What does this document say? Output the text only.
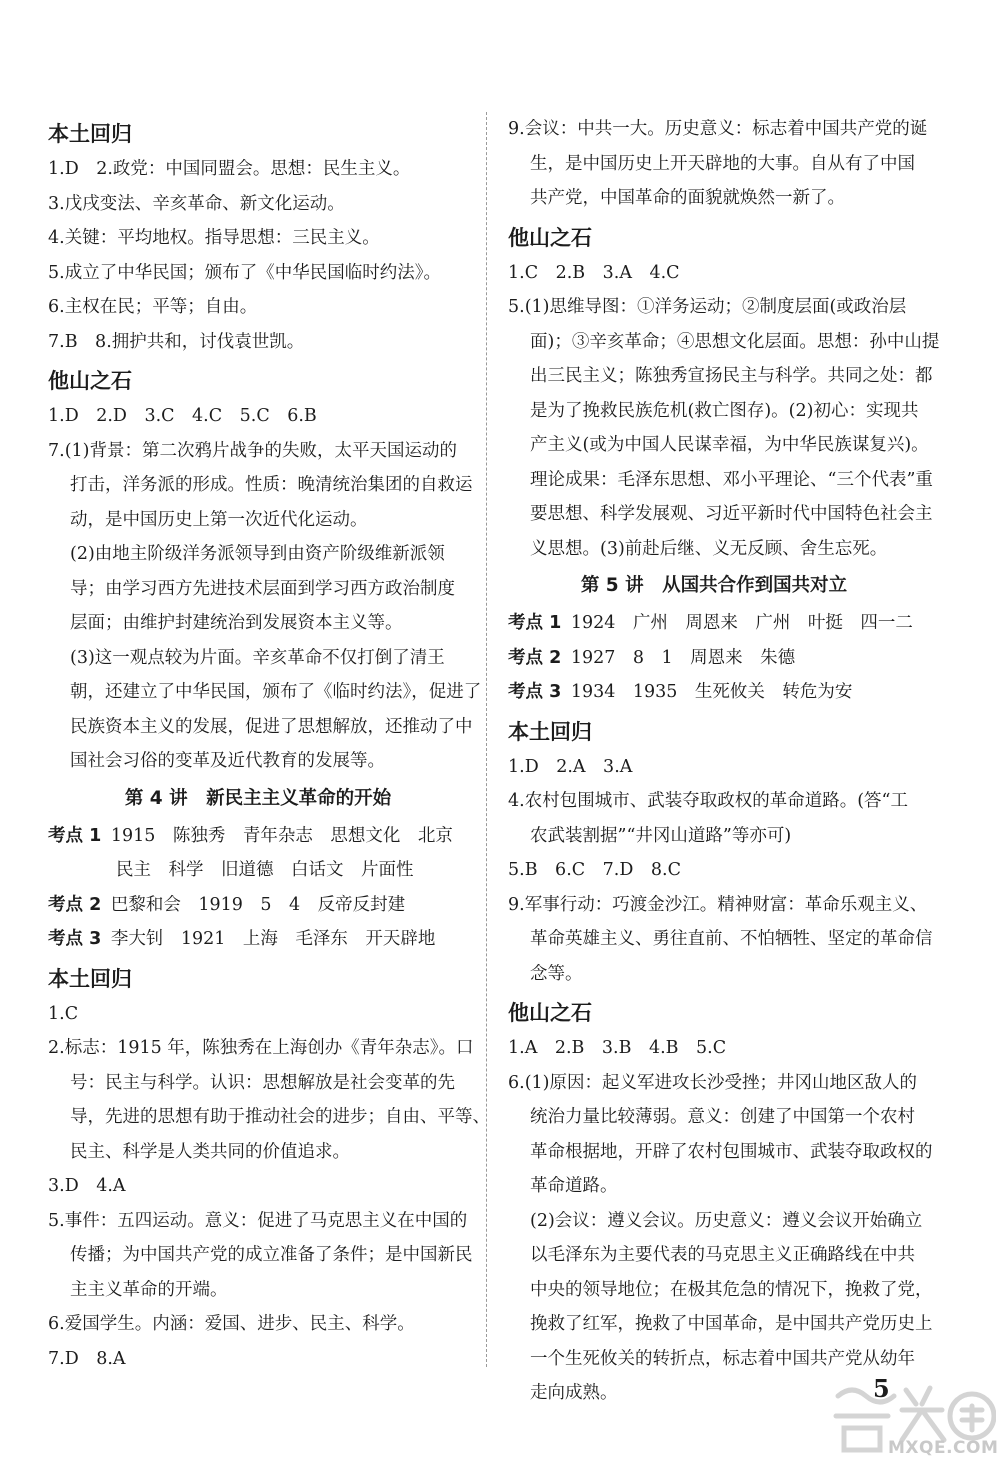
本土回归
1.D　2.政党：中国同盟会。思想：民生主义。
3.戊戌变法、辛亥革命、新文化运动。
4.关键：平均地权。指导思想：三民主义。
5.成立了中华民国；颁布了《中华民国临时约法》。
6.主权在民；平等；自由。
7.B　8.拥护共和，讨伐袁世凯。
他山之石
1.D　2.D　3.C　4.C　5.C　6.B
7.(1)背景：第二次鸦片战争的失败，太平天国运动的
打击，洋务派的形成。性质：晚清统治集团的自救运
动，是中国历史上第一次近代化运动。
(2)由地主阶级洋务派领导到由资产阶级维新派领
导；由学习西方先进技术层面到学习西方政治制度
层面；由维护封建统治到发展资本主义等。
(3)这一观点较为片面。辛亥革命不仅打倒了清王
朝，还建立了中华民国，颁布了《临时约法》，促进了
民族资本主义的发展，促进了思想解放，还推动了中
国社会习俗的变革及近代教育的发展等。
第 4 讲　新民主主义革命的开始
考点 1 1915　陈独秀　青年杂志　思想文化　北京
民主　科学　旧道德　白话文　片面性
考点 2 巴黎和会　1919　5　4　反帝反封建
考点 3 李大钊　1921　上海　毛泽东　开天辟地
本土回归
1.C
2.标志：1915 年，陈独秀在上海创办《青年杂志》。口
号：民主与科学。认识：思想解放是社会变革的先
导，先进的思想有助于推动社会的进步；自由、平等、
民主、科学是人类共同的价值追求。
3.D　4.A
5.事件：五四运动。意义：促进了马克思主义在中国的
传播；为中国共产党的成立准备了条件；是中国新民
主主义革命的开端。
6.爱国学生。内涵：爱国、进步、民主、科学。
7.D　8.A
9.会议：中共一大。历史意义：标志着中国共产党的诞
生，是中国历史上开天辟地的大事。自从有了中国
共产党，中国革命的面貌就焕然一新了。
他山之石
1.C　2.B　3.A　4.C
5.(1)思维导图：①洋务运动；②制度层面(或政治层
面)；③辛亥革命；④思想文化层面。思想：孙中山提
出三民主义；陈独秀宣扬民主与科学。共同之处：都
是为了挽救民族危机(救亡图存)。(2)初心：实现共
产主义(或为中国人民谋幸福，为中华民族谋复兴)。
理论成果：毛泽东思想、邓小平理论、“三个代表”重
要思想、科学发展观、习近平新时代中国特色社会主
义思想。(3)前赴后继、义无反顾、舍生忘死。
第 5 讲　从国共合作到国共对立
考点 1 1924　广州　周恩来　广州　叶挺　四一二
考点 2 1927　8　1　周恩来　朱德
考点 3 1934　1935　生死攸关　转危为安
本土回归
1.D　2.A　3.A
4.农村包围城市、武装夺取政权的革命道路。(答“工
农武装割据”“井冈山道路”等亦可)
5.B　6.C　7.D　8.C
9.军事行动：巧渡金沙江。精神财富：革命乐观主义、
革命英雄主义、勇往直前、不怕牺牲、坚定的革命信
念等。
他山之石
1.A　2.B　3.B　4.B　5.C
6.(1)原因：起义军进攻长沙受挫；井冈山地区敌人的
统治力量比较薄弱。意义：创建了中国第一个农村
革命根据地，开辟了农村包围城市、武装夺取政权的
革命道路。
(2)会议：遵义会议。历史意义：遵义会议开始确立
以毛泽东为主要代表的马克思主义正确路线在中共
中央的领导地位；在极其危急的情况下，挽救了党，
挽救了红军，挽救了中国革命，是中国共产党历史上
一个生死攸关的转折点，标志着中国共产党从幼年
走向成熟。	5
MXQE.COM
